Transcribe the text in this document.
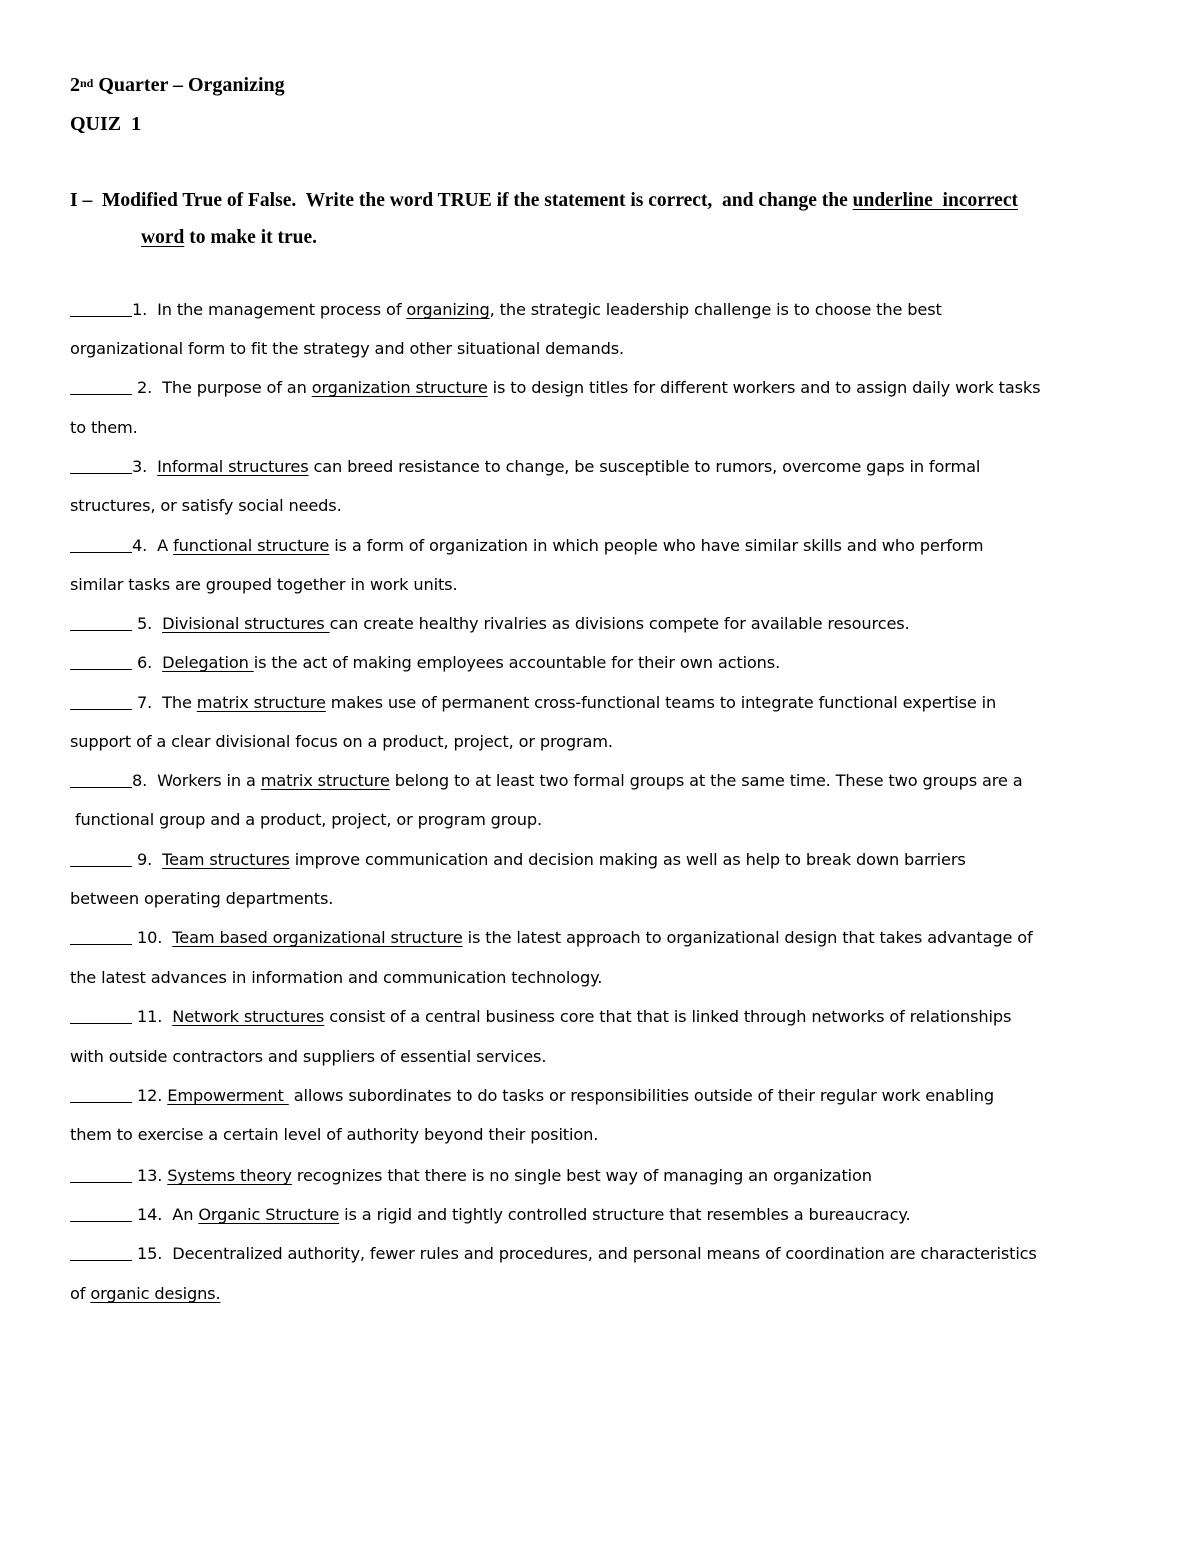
2nd Quarter – Organizing
QUIZ  1
I –  Modified True of False.  Write the word TRUE if the statement is correct,  and change the underline  incorrect
word to make it true.
1.  In the management process of organizing, the strategic leadership challenge is to choose the best
organizational form to fit the strategy and other situational demands.
2.  The purpose of an organization structure is to design titles for different workers and to assign daily work tasks
to them.
3.  Informal structures can breed resistance to change, be susceptible to rumors, overcome gaps in formal
structures, or satisfy social needs.
4.  A functional structure is a form of organization in which people who have similar skills and who perform
similar tasks are grouped together in work units.
5.  Divisional structures can create healthy rivalries as divisions compete for available resources.
6.  Delegation is the act of making employees accountable for their own actions.
7.  The matrix structure makes use of permanent cross-functional teams to integrate functional expertise in
support of a clear divisional focus on a product, project, or program.
8.  Workers in a matrix structure belong to at least two formal groups at the same time. These two groups are a
functional group and a product, project, or program group.
9.  Team structures improve communication and decision making as well as help to break down barriers
between operating departments.
10.  Team based organizational structure is the latest approach to organizational design that takes advantage of
the latest advances in information and communication technology.
11.  Network structures consist of a central business core that that is linked through networks of relationships
with outside contractors and suppliers of essential services.
12. Empowerment  allows subordinates to do tasks or responsibilities outside of their regular work enabling
them to exercise a certain level of authority beyond their position.
13. Systems theory recognizes that there is no single best way of managing an organization
14.  An Organic Structure is a rigid and tightly controlled structure that resembles a bureaucracy.
15.  Decentralized authority, fewer rules and procedures, and personal means of coordination are characteristics
of organic designs.
